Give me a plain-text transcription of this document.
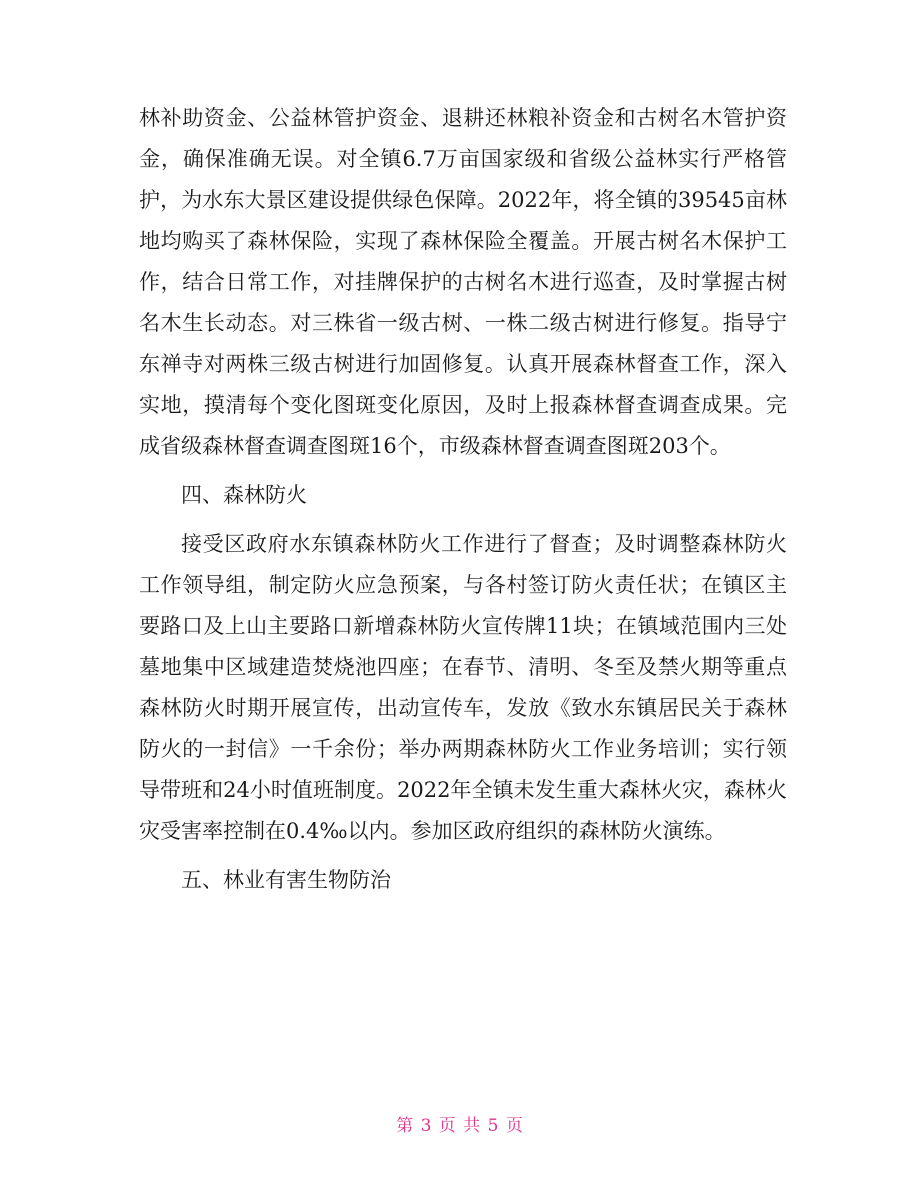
林补助资金、公益林管护资金、退耕还林粮补资金和古树名木管护资金，确保准确无误。对全镇6.7万亩国家级和省级公益林实行严格管护，为水东大景区建设提供绿色保障。2022年，将全镇的39545亩林地均购买了森林保险，实现了森林保险全覆盖。开展古树名木保护工作，结合日常工作，对挂牌保护的古树名木进行巡查，及时掌握古树名木生长动态。对三株省一级古树、一株二级古树进行修复。指导宁东禅寺对两株三级古树进行加固修复。认真开展森林督查工作，深入实地，摸清每个变化图斑变化原因，及时上报森林督查调查成果。完成省级森林督查调查图斑16个，市级森林督查调查图斑203个。

四、森林防火

接受区政府水东镇森林防火工作进行了督查；及时调整森林防火工作领导组，制定防火应急预案，与各村签订防火责任状；在镇区主要路口及上山主要路口新增森林防火宣传牌11块；在镇域范围内三处墓地集中区域建造焚烧池四座；在春节、清明、冬至及禁火期等重点森林防火时期开展宣传，出动宣传车，发放《致水东镇居民关于森林防火的一封信》一千余份；举办两期森林防火工作业务培训；实行领导带班和24小时值班制度。2022年全镇未发生重大森林火灾，森林火灾受害率控制在0.4‰以内。参加区政府组织的森林防火演练。

五、林业有害生物防治

第 3 页 共 5 页
